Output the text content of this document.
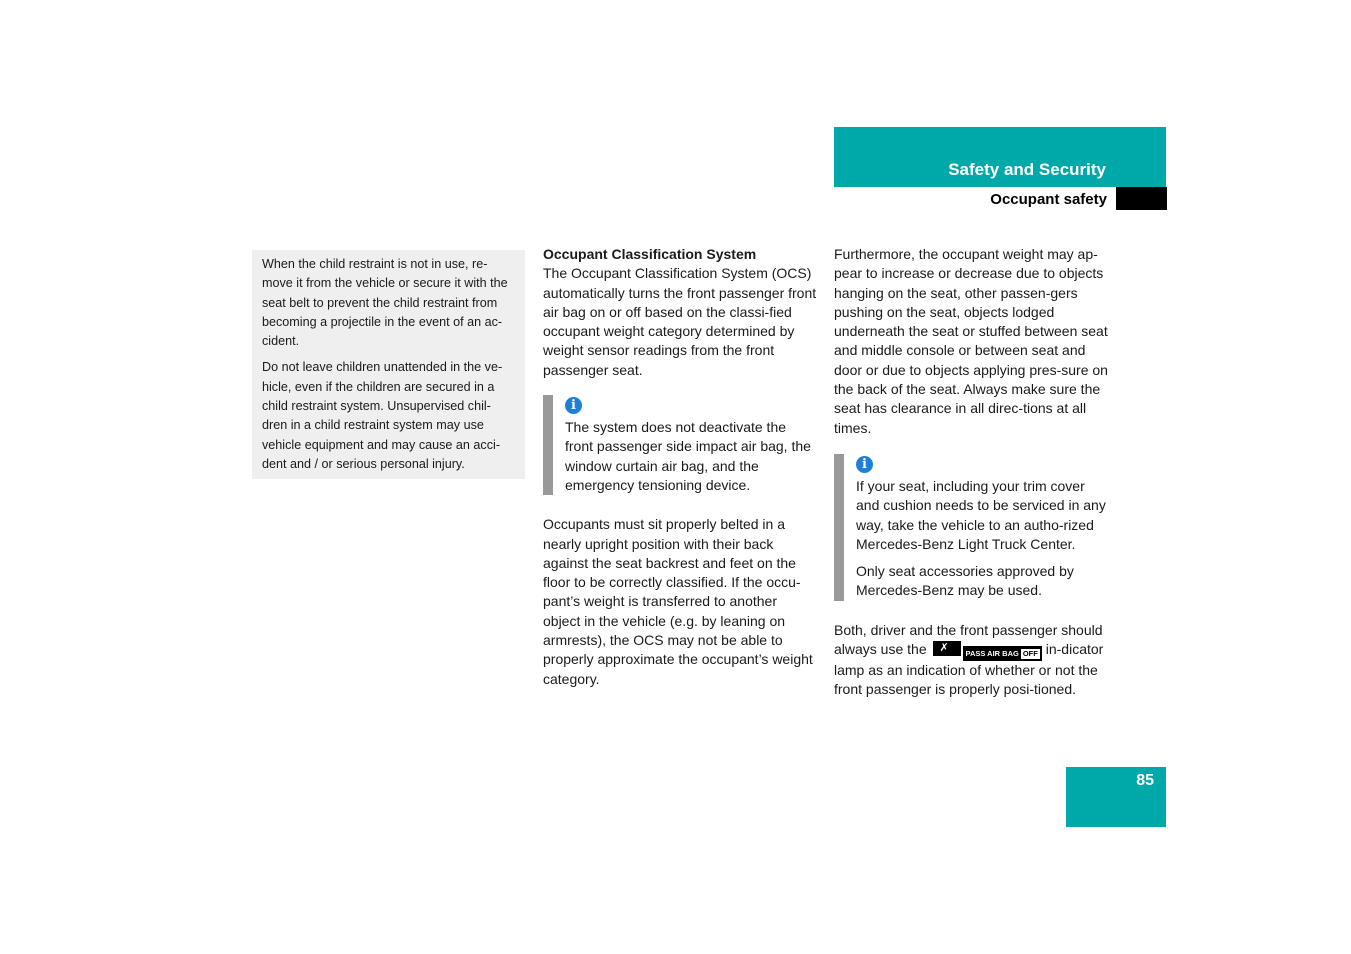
Safety and Security
Occupant safety

When the child restraint is not in use, re-move it from the vehicle or secure it with the seat belt to prevent the child restraint from becoming a projectile in the event of an ac-cident.

Do not leave children unattended in the ve-hicle, even if the children are secured in a child restraint system. Unsupervised chil-dren in a child restraint system may use vehicle equipment and may cause an acci-dent and / or serious personal injury.

Occupant Classification System

The Occupant Classification System (OCS) automatically turns the front passenger front air bag on or off based on the classi-fied occupant weight category determined by weight sensor readings from the front passenger seat.

i

The system does not deactivate the front passenger side impact air bag, the window curtain air bag, and the emergency tensioning device.

Occupants must sit properly belted in a nearly upright position with their back against the seat backrest and feet on the floor to be correctly classified. If the occu-pant’s weight is transferred to another object in the vehicle (e.g. by leaning on armrests), the OCS may not be able to properly approximate the occupant’s weight category.

Furthermore, the occupant weight may ap-pear to increase or decrease due to objects hanging on the seat, other passen-gers pushing on the seat, objects lodged underneath the seat or stuffed between seat and middle console or between seat and door or due to objects applying pres-sure on the back of the seat. Always make sure the seat has clearance in all direc-tions at all times.

i

If your seat, including your trim cover and cushion needs to be serviced in any way, take the vehicle to an autho-rized Mercedes-Benz Light Truck Center.

Only seat accessories approved by Mercedes-Benz may be used.

Both, driver and the front passenger should always use the ✗ PASS AIR BAG OFF in-dicator lamp as an indication of whether or not the front passenger is properly posi-tioned.

85
